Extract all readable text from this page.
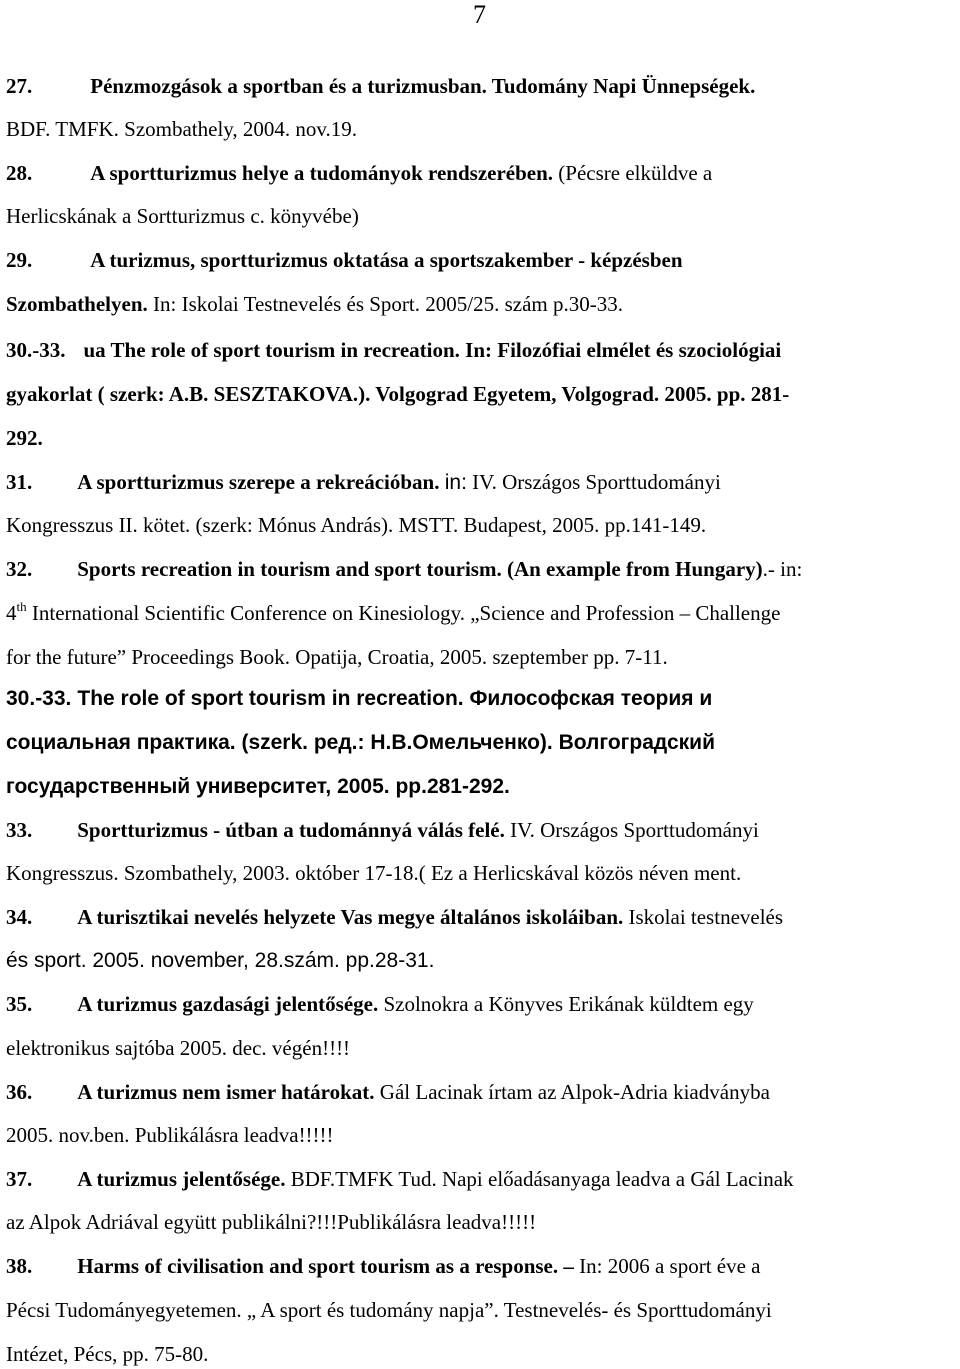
7
27.	Pénzmozgások a sportban és a turizmusban. Tudomány Napi Ünnepségek.
BDF. TMFK. Szombathely, 2004. nov.19.
28.	A sportturizmus helye a tudományok rendszerében. (Pécsre elküldve a
Herlicskának a Sortturizmus c. könyvébe)
29.	A turizmus, sportturizmus oktatása a sportszakember - képzésben
Szombathelyen. In: Iskolai Testnevelés és Sport. 2005/25. szám p.30-33.
30.-33. ua The role of sport tourism in recreation. In: Filozófiai elmélet és szociológiai
gyakorlat ( szerk: A.B. SESZTAKOVA.). Volgograd Egyetem, Volgograd. 2005. pp. 281-
292.
31. A sportturizmus szerepe a rekreációban. in: IV. Országos Sporttudományi
Kongresszus II. kötet. (szerk: Mónus András). MSTT. Budapest, 2005. pp.141-149.
32. Sports recreation in tourism and sport tourism. (An example from Hungary).- in:
4th International Scientific Conference on Kinesiology. „Science and Profession – Challenge
for the future” Proceedings Book. Opatija, Croatia, 2005. szeptember pp. 7-11.
30.-33. The role of sport tourism in recreation. Философская теория и
социальная практика. (szerk. ред.: Н.В.Омельченко). Волгоградский
государственный университет, 2005. pp.281-292.
33. Sportturizmus - útban a tudománnyá válás felé. IV. Országos Sporttudományi
Kongresszus. Szombathely, 2003. október 17-18.( Ez a Herlicskával közös néven ment.
34. A turisztikai nevelés helyzete Vas megye általános iskoláiban. Iskolai testnevelés
és sport. 2005. november, 28.szám. pp.28-31.
35. A turizmus gazdasági jelentősége. Szolnokra a Könyves Erikának küldtem egy
elektronikus sajtóba 2005. dec. végén!!!!
36. A turizmus nem ismer határokat. Gál Lacinak írtam az Alpok-Adria kiadványba
2005. nov.ben. Publikálásra leadva!!!!!
37. A turizmus jelentősége. BDF.TMFK Tud. Napi előadásanyaga leadva a Gál Lacinak
az Alpok Adriával együtt publikálni?!!!Publikálásra leadva!!!!!
38. Harms of civilisation and sport tourism as a response. – In: 2006 a sport éve a
Pécsi Tudományegyetemen. „ A sport és tudomány napja”. Testnevelés- és Sporttudományi
Intézet, Pécs, pp. 75-80.
